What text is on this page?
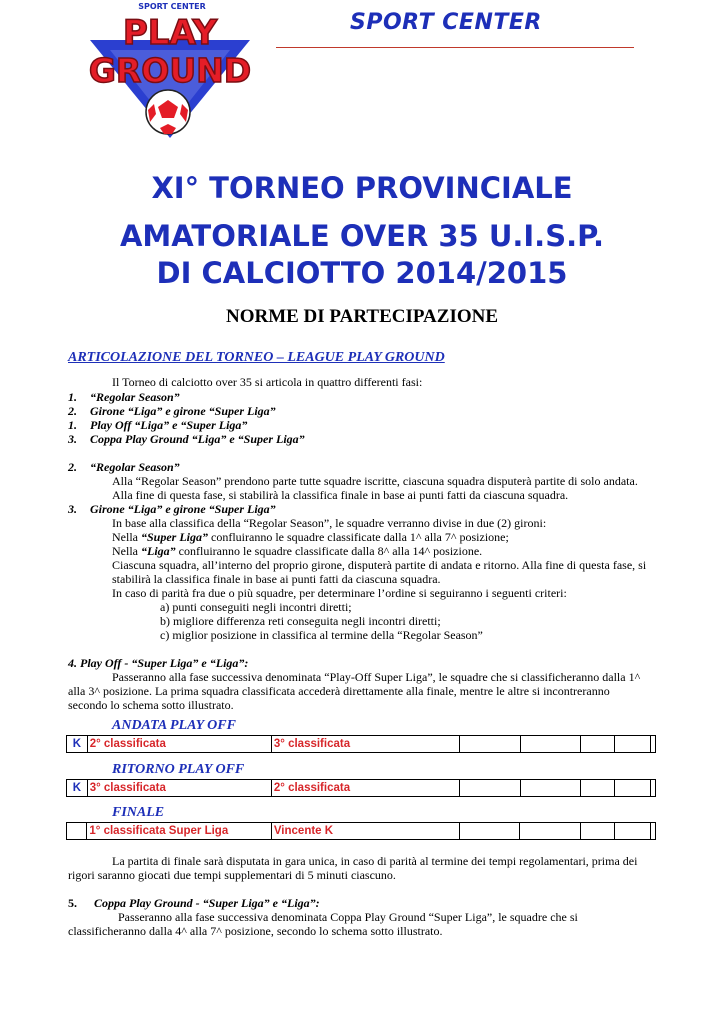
SPORT CENTER
PLAY
GROUND
SPORT CENTER
XI° TORNEO PROVINCIALE
AMATORIALE OVER 35 U.I.S.P.
DI CALCIOTTO 2014/2015
NORME DI PARTECIPAZIONE
ARTICOLAZIONE DEL TORNEO – LEAGUE PLAY GROUND
Il Torneo di calciotto over 35 si articola in quattro differenti fasi:
1. “Regolar Season”
2. Girone “Liga” e girone “Super Liga”
1. Play Off “Liga” e “Super Liga”
3. Coppa Play Ground “Liga” e “Super Liga”
2. “Regolar Season”
Alla “Regolar Season” prendono parte tutte squadre iscritte, ciascuna squadra disputerà partite di solo andata.
Alla fine di questa fase, si stabilirà la classifica finale in base ai punti fatti da ciascuna squadra.
3. Girone “Liga” e girone “Super Liga”
In base alla classifica della “Regolar Season”, le squadre verranno divise in due (2) gironi:
Nella “Super Liga” confluiranno le squadre classificate dalla 1^ alla 7^ posizione;
Nella “Liga” confluiranno le squadre classificate dalla 8^ alla 14^ posizione.
Ciascuna squadra, all’interno del proprio girone, disputerà partite di andata e ritorno. Alla fine di questa fase, si
stabilirà la classifica finale in base ai punti fatti da ciascuna squadra.
In caso di parità fra due o più squadre, per determinare l’ordine si seguiranno i seguenti criteri:
a) punti conseguiti negli incontri diretti;
b) migliore differenza reti conseguita negli incontri diretti;
c) miglior posizione in classifica al termine della “Regolar Season”
4. Play Off - “Super Liga” e “Liga”:
Passeranno alla fase successiva denominata “Play-Off Super Liga”, le squadre che si classificheranno dalla 1^
alla 3^ posizione. La prima squadra classificata accederà direttamente alla finale, mentre le altre si incontreranno
secondo lo schema sotto illustrato.
ANDATA PLAY OFF
K	2° classificata	3° classificata					
RITORNO PLAY OFF
K	3° classificata	2° classificata					
FINALE
	1° classificata Super Liga	Vincente K					
La partita di finale sarà disputata in gara unica, in caso di parità al termine dei tempi regolamentari, prima dei
rigori saranno giocati due tempi supplementari di 5 minuti ciascuno.
5. Coppa Play Ground - “Super Liga” e “Liga”:
Passeranno alla fase successiva denominata Coppa Play Ground “Super Liga”, le squadre che si
classificheranno dalla 4^ alla 7^ posizione, secondo lo schema sotto illustrato.
